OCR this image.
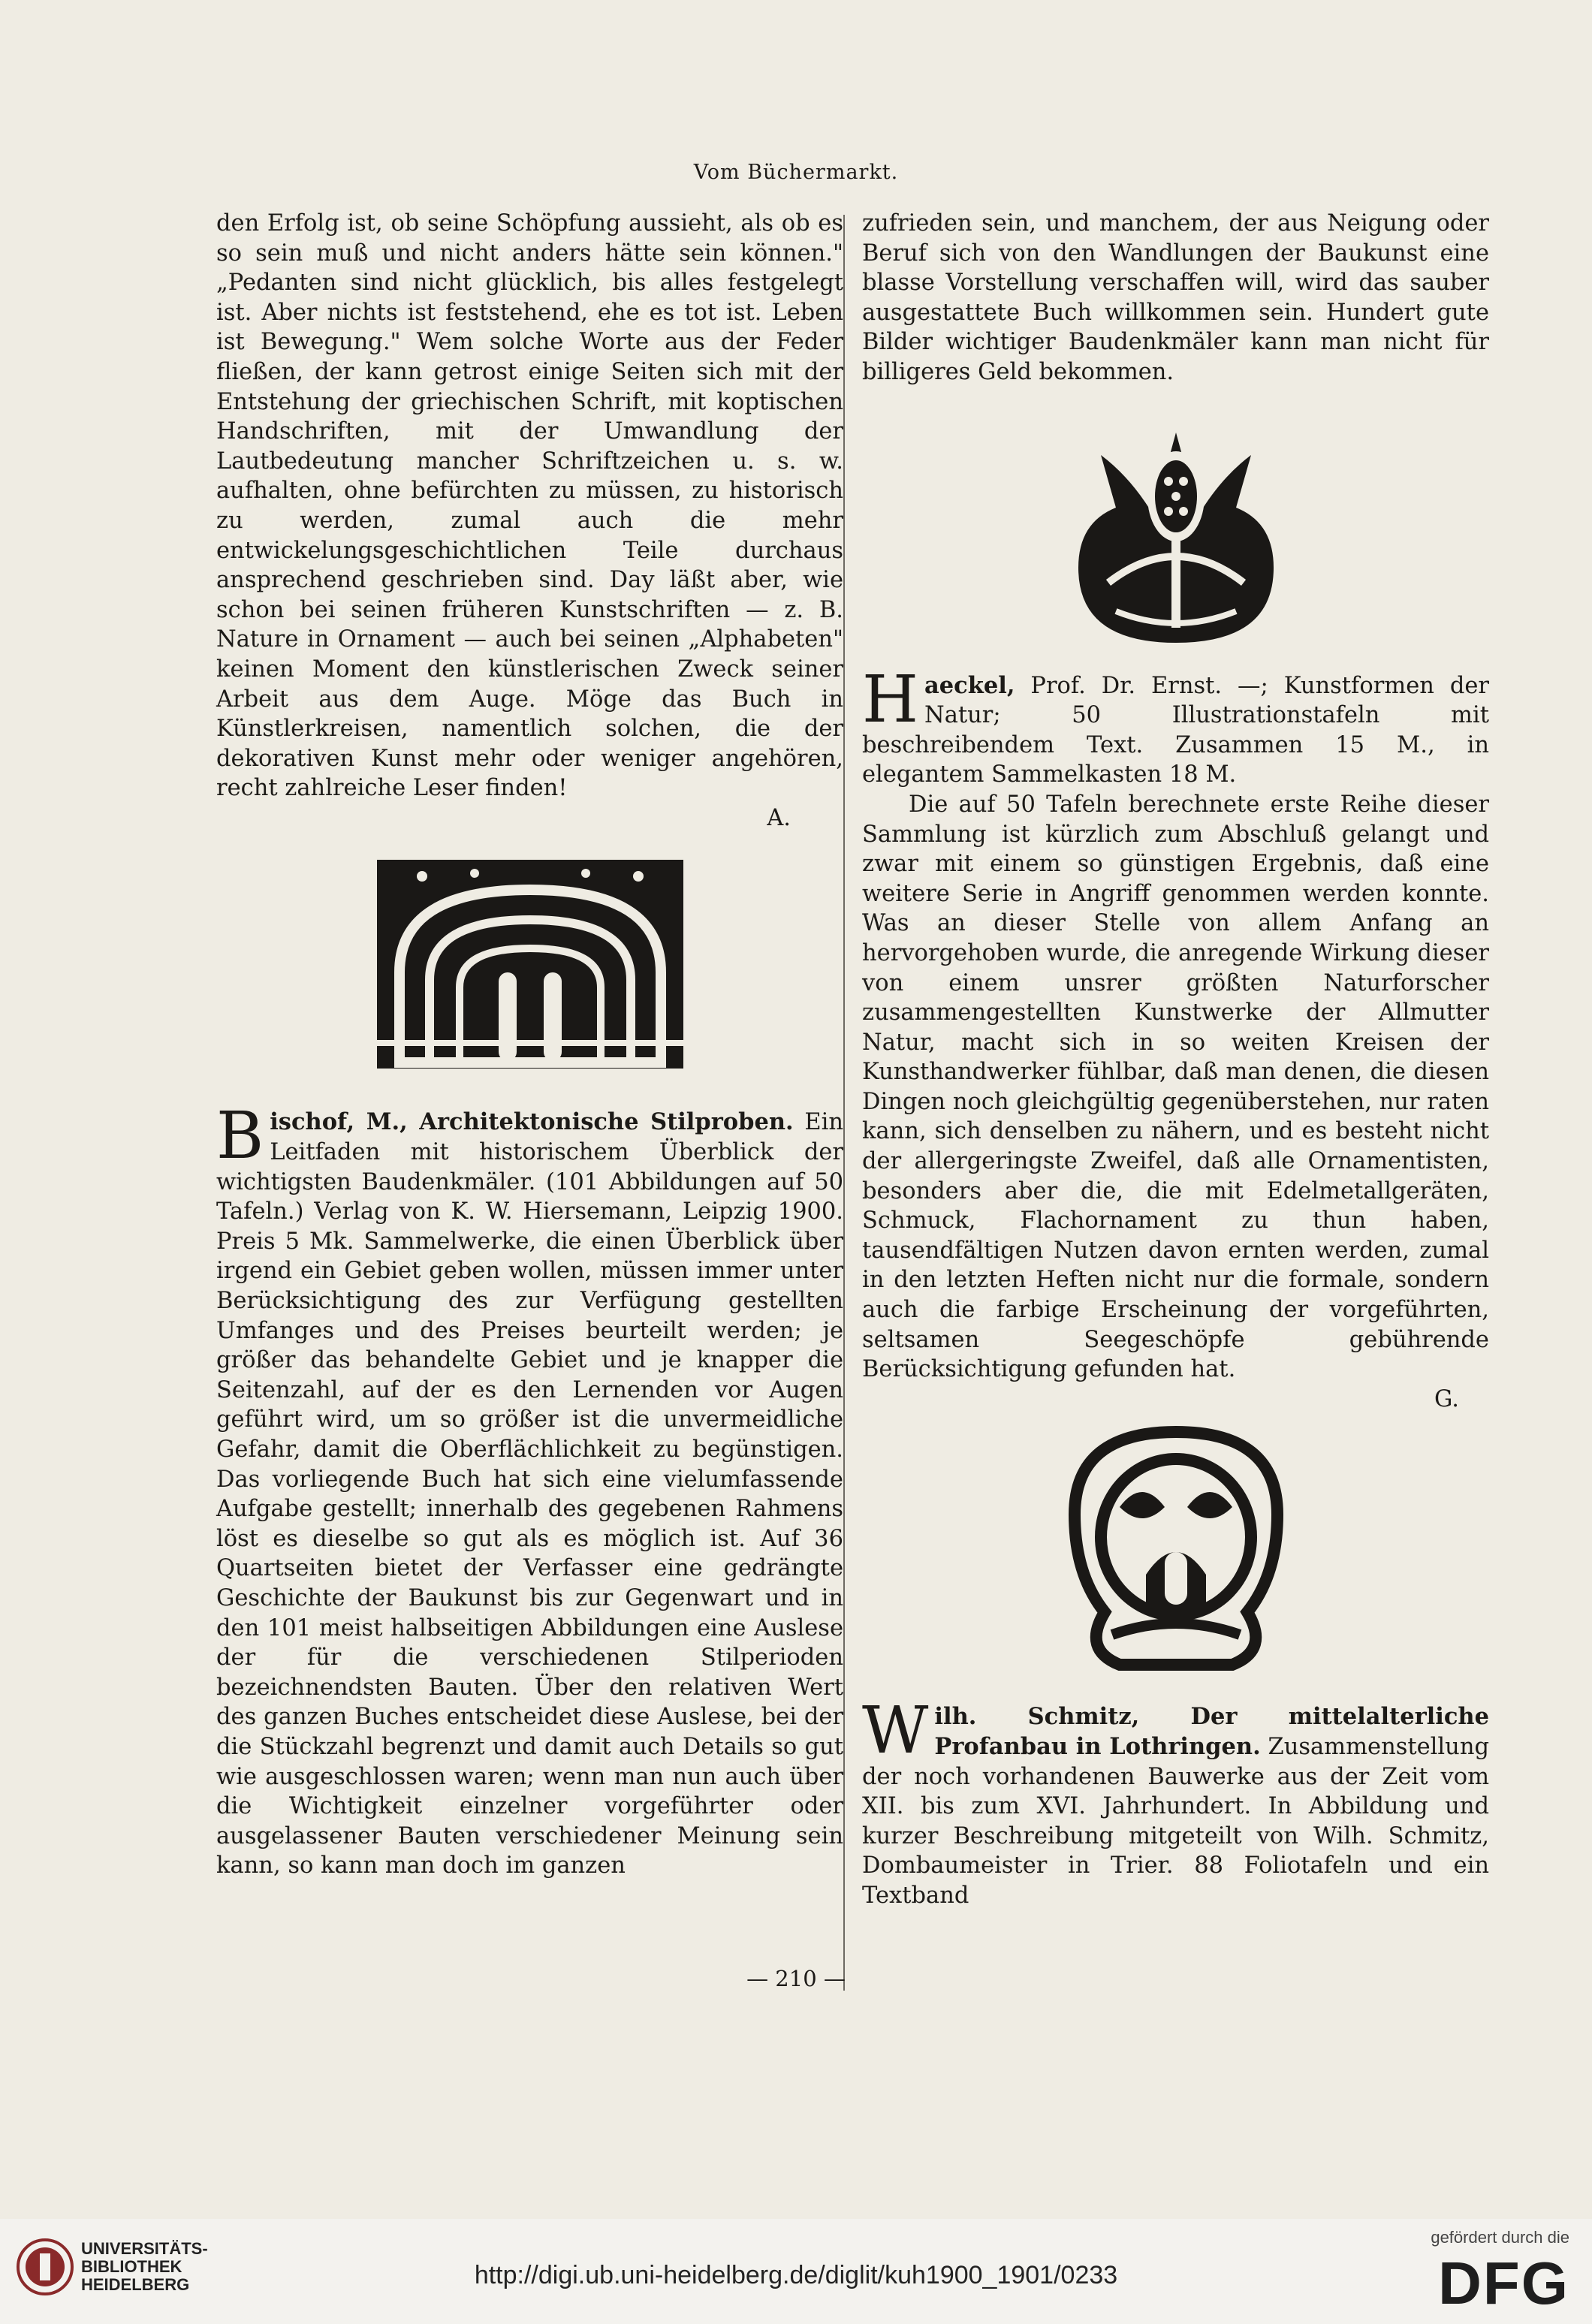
Vom Büchermarkt.

den Erfolg ist, ob seine Schöpfung aussieht, als ob es so sein muß und nicht anders hätte sein können." „Pedanten sind nicht glücklich, bis alles festgelegt ist. Aber nichts ist feststehend, ehe es tot ist. Leben ist Bewegung." Wem solche Worte aus der Feder fließen, der kann getrost einige Seiten sich mit der Entstehung der griechischen Schrift, mit koptischen Handschriften, mit der Umwandlung der Lautbedeutung mancher Schriftzeichen u. s. w. aufhalten, ohne befürchten zu müssen, zu historisch zu werden, zumal auch die mehr entwickelungsgeschichtlichen Teile durchaus ansprechend geschrieben sind. Day läßt aber, wie schon bei seinen früheren Kunstschriften — z. B. Nature in Ornament — auch bei seinen „Alphabeten" keinen Moment den künstlerischen Zweck seiner Arbeit aus dem Auge. Möge das Buch in Künstlerkreisen, namentlich solchen, die der dekorativen Kunst mehr oder weniger angehören, recht zahlreiche Leser finden!

A.

B ischof, M., Architektonische Stilproben. Ein Leitfaden mit historischem Überblick der wichtigsten Baudenkmäler. (101 Abbildungen auf 50 Tafeln.) Verlag von K. W. Hiersemann, Leipzig 1900. Preis 5 Mk. Sammelwerke, die einen Überblick über irgend ein Gebiet geben wollen, müssen immer unter Berücksichtigung des zur Verfügung gestellten Umfanges und des Preises beurteilt werden; je größer das behandelte Gebiet und je knapper die Seitenzahl, auf der es den Lernenden vor Augen geführt wird, um so größer ist die unvermeidliche Gefahr, damit die Oberflächlichkeit zu begünstigen. Das vorliegende Buch hat sich eine vielumfassende Aufgabe gestellt; innerhalb des gegebenen Rahmens löst es dieselbe so gut als es möglich ist. Auf 36 Quartseiten bietet der Verfasser eine gedrängte Geschichte der Baukunst bis zur Gegenwart und in den 101 meist halbseitigen Abbildungen eine Auslese der für die verschiedenen Stilperioden bezeichnendsten Bauten. Über den relativen Wert des ganzen Buches entscheidet diese Auslese, bei der die Stückzahl begrenzt und damit auch Details so gut wie ausgeschlossen waren; wenn man nun auch über die Wichtigkeit einzelner vorgeführter oder ausgelassener Bauten verschiedener Meinung sein kann, so kann man doch im ganzen

zufrieden sein, und manchem, der aus Neigung oder Beruf sich von den Wandlungen der Baukunst eine blasse Vorstellung verschaffen will, wird das sauber ausgestattete Buch willkommen sein. Hundert gute Bilder wichtiger Baudenkmäler kann man nicht für billigeres Geld bekommen.

H aeckel, Prof. Dr. Ernst. —; Kunstformen der Natur; 50 Illustrationstafeln mit beschreibendem Text. Zusammen 15 M., in elegantem Sammelkasten 18 M.

Die auf 50 Tafeln berechnete erste Reihe dieser Sammlung ist kürzlich zum Abschluß gelangt und zwar mit einem so günstigen Ergebnis, daß eine weitere Serie in Angriff genommen werden konnte. Was an dieser Stelle von allem Anfang an hervorgehoben wurde, die anregende Wirkung dieser von einem unsrer größten Naturforscher zusammengestellten Kunstwerke der Allmutter Natur, macht sich in so weiten Kreisen der Kunsthandwerker fühlbar, daß man denen, die diesen Dingen noch gleichgültig gegenüberstehen, nur raten kann, sich denselben zu nähern, und es besteht nicht der allergeringste Zweifel, daß alle Ornamentisten, besonders aber die, die mit Edelmetallgeräten, Schmuck, Flachornament zu thun haben, tausendfältigen Nutzen davon ernten werden, zumal in den letzten Heften nicht nur die formale, sondern auch die farbige Erscheinung der vorgeführten, seltsamen Seegeschöpfe gebührende Berücksichtigung gefunden hat.

G.

W ilh. Schmitz, Der mittelalterliche Profanbau in Lothringen. Zusammenstellung der noch vorhandenen Bauwerke aus der Zeit vom XII. bis zum XVI. Jahrhundert. In Abbildung und kurzer Beschreibung mitgeteilt von Wilh. Schmitz, Dombaumeister in Trier. 88 Foliotafeln und ein Textband

— 210 —
UNIVERSITÄTS-
BIBLIOTHEK
HEIDELBERG	http://digi.ub.uni-heidelberg.de/diglit/kuh1900_1901/0233
gefördert durch die
DFG
